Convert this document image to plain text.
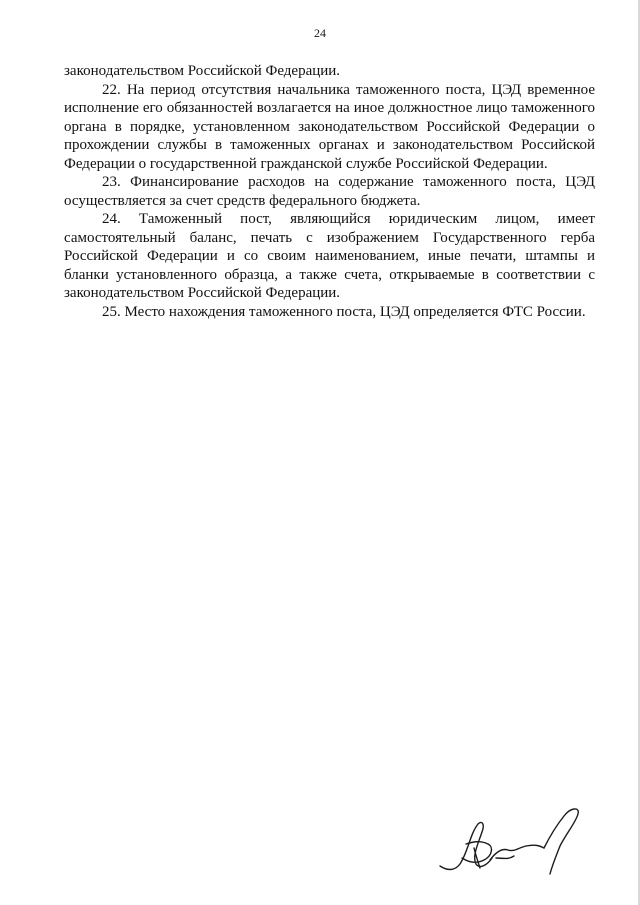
24

законодательством Российской Федерации.

22. На период отсутствия начальника таможенного поста, ЦЭД временное исполнение его обязанностей возлагается на иное должностное лицо таможенного органа в порядке, установленном законодательством Российской Федерации о прохождении службы в таможенных органах и законодательством Российской Федерации о государственной гражданской службе Российской Федерации.

23. Финансирование расходов на содержание таможенного поста, ЦЭД осуществляется за счет средств федерального бюджета.

24. Таможенный пост, являющийся юридическим лицом, имеет самостоятельный баланс, печать с изображением Государственного герба Российской Федерации и со своим наименованием, иные печати, штампы и бланки установленного образца, а также счета, открываемые в соответствии с законодательством Российской Федерации.

25. Место нахождения таможенного поста, ЦЭД определяется ФТС России.
